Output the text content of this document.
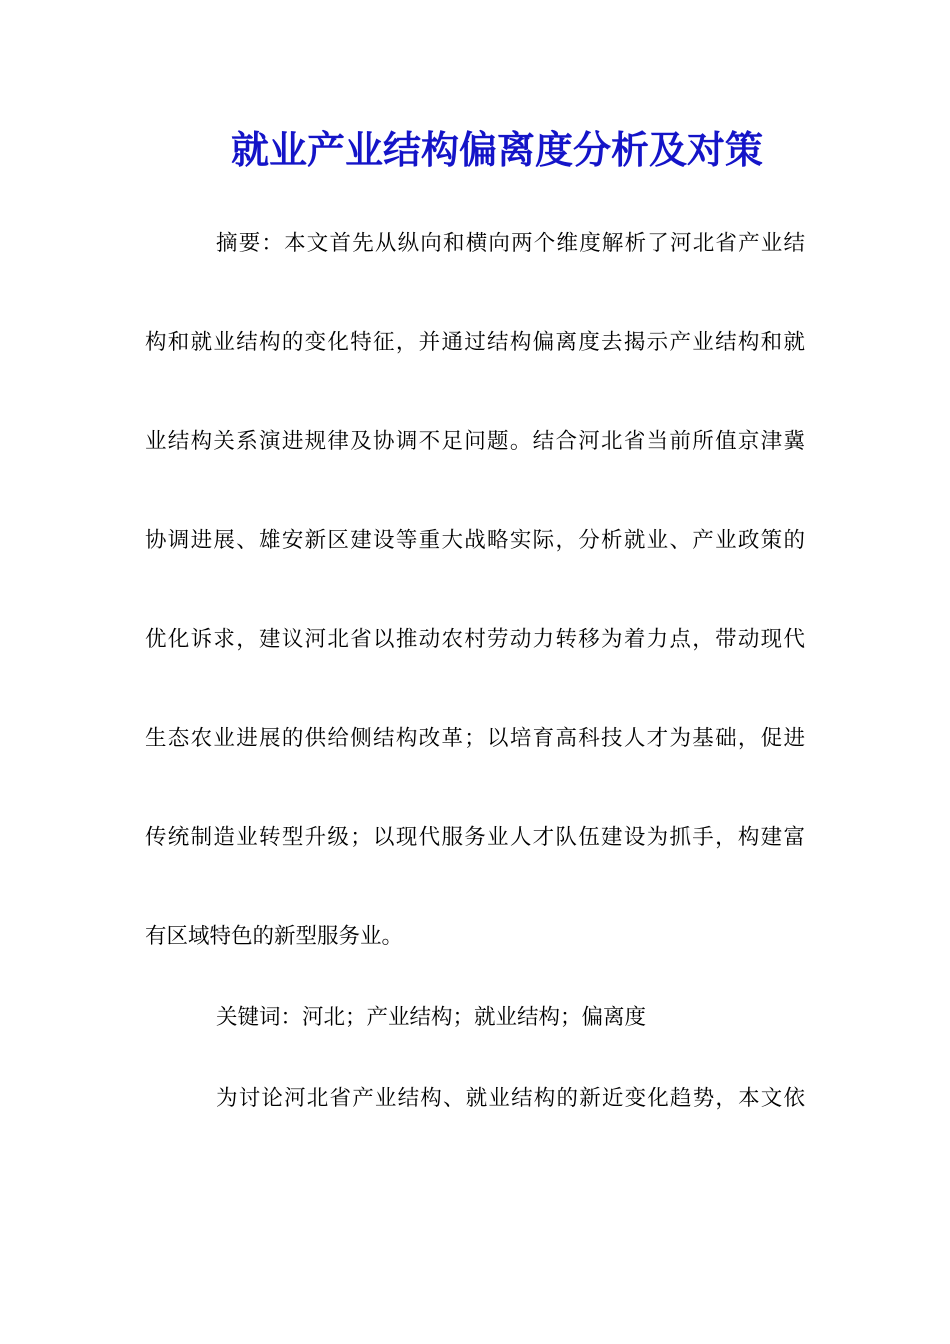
就业产业结构偏离度分析及对策
摘要：本文首先从纵向和横向两个维度解析了河北省产业结
构和就业结构的变化特征，并通过结构偏离度去揭示产业结构和就
业结构关系演进规律及协调不足问题。结合河北省当前所值京津冀
协调进展、雄安新区建设等重大战略实际，分析就业、产业政策的
优化诉求，建议河北省以推动农村劳动力转移为着力点，带动现代
生态农业进展的供给侧结构改革；以培育高科技人才为基础，促进
传统制造业转型升级；以现代服务业人才队伍建设为抓手，构建富
有区域特色的新型服务业。
关键词：河北；产业结构；就业结构；偏离度
为讨论河北省产业结构、就业结构的新近变化趋势，本文依
